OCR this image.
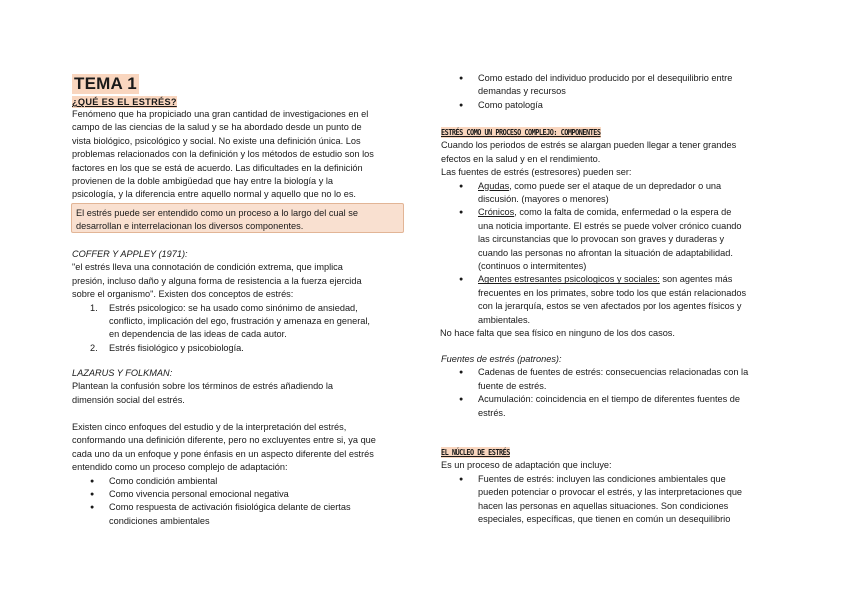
TEMA 1
¿QUÉ ES EL ESTRÉS?

Fenómeno que ha propiciado una gran cantidad de investigaciones en el

campo de las ciencias de la salud y se ha abordado desde un punto de

vista biológico, psicológico y social. No existe una definición única. Los

problemas relacionados con la definición y los métodos de estudio son los

factores en los que se está de acuerdo. Las dificultades en la definición

provienen de la doble ambigüedad que hay entre la biología y la

psicología, y la diferencia entre aquello normal y aquello que no lo es.

COFFER Y APPLEY (1971):

"el estrés lleva una connotación de condición extrema, que implica

presión, incluso daño y alguna forma de resistencia a la fuerza ejercida

sobre el organismo". Existen dos conceptos de estrés:

1. Estrés psicologico: se ha usado como sinónimo de ansiedad,

conflicto, implicación del ego, frustración y amenaza en general,

en dependencia de las ideas de cada autor.

2. Estrés fisiológico y psicobiología.

LAZARUS Y FOLKMAN:

Plantean la confusión sobre los términos de estrés añadiendo la

dimensión social del estrés.

Existen cinco enfoques del estudio y de la interpretación del estrés,

conformando una definición diferente, pero no excluyentes entre si, ya que

cada uno da un enfoque y pone énfasis en un aspecto diferente del estrés

entendido como un proceso complejo de adaptación:

● Como condición ambiental

● Como vivencia personal emocional negativa

● Como respuesta de activación fisiológica delante de ciertas

condiciones ambientales

El estrés puede ser entendido como un proceso a lo largo del cual se

desarrollan e interrelacionan los diversos componentes.

● Como estado del individuo producido por el desequilibrio entre

demandas y recursos

● Como patología

ESTRÉS COMO UN PROCESO COMPLEJO: COMPONENTES

Cuando los periodos de estrés se alargan pueden llegar a tener grandes

efectos en la salud y en el rendimiento.

Las fuentes de estrés (estresores) pueden ser:

● Agudas, como puede ser el ataque de un depredador o una

discusión. (mayores o menores)

● Crónicos, como la falta de comida, enfermedad o la espera de

una noticia importante. El estrés se puede volver crónico cuando

las circunstancias que lo provocan son graves y duraderas y

cuando las personas no afrontan la situación de adaptabilidad.

(continuos o intermitentes)

● Agentes estresantes psicologicos y sociales: son agentes más

frecuentes en los primates, sobre todo los que están relacionados

con la jerarquía, estos se ven afectados por los agentes físicos y

ambientales.

No hace falta que sea físico en ninguno de los dos casos.

Fuentes de estrés (patrones):

● Cadenas de fuentes de estrés: consecuencias relacionadas con la

fuente de estrés.

● Acumulación: coincidencia en el tiempo de diferentes fuentes de

estrés.

EL NÚCLEO DE ESTRÉS

Es un proceso de adaptación que incluye:

● Fuentes de estrés: incluyen las condiciones ambientales que

pueden potenciar o provocar el estrés, y las interpretaciones que

hacen las personas en aquellas situaciones. Son condiciones

especiales, específicas, que tienen en común un desequilibrio
